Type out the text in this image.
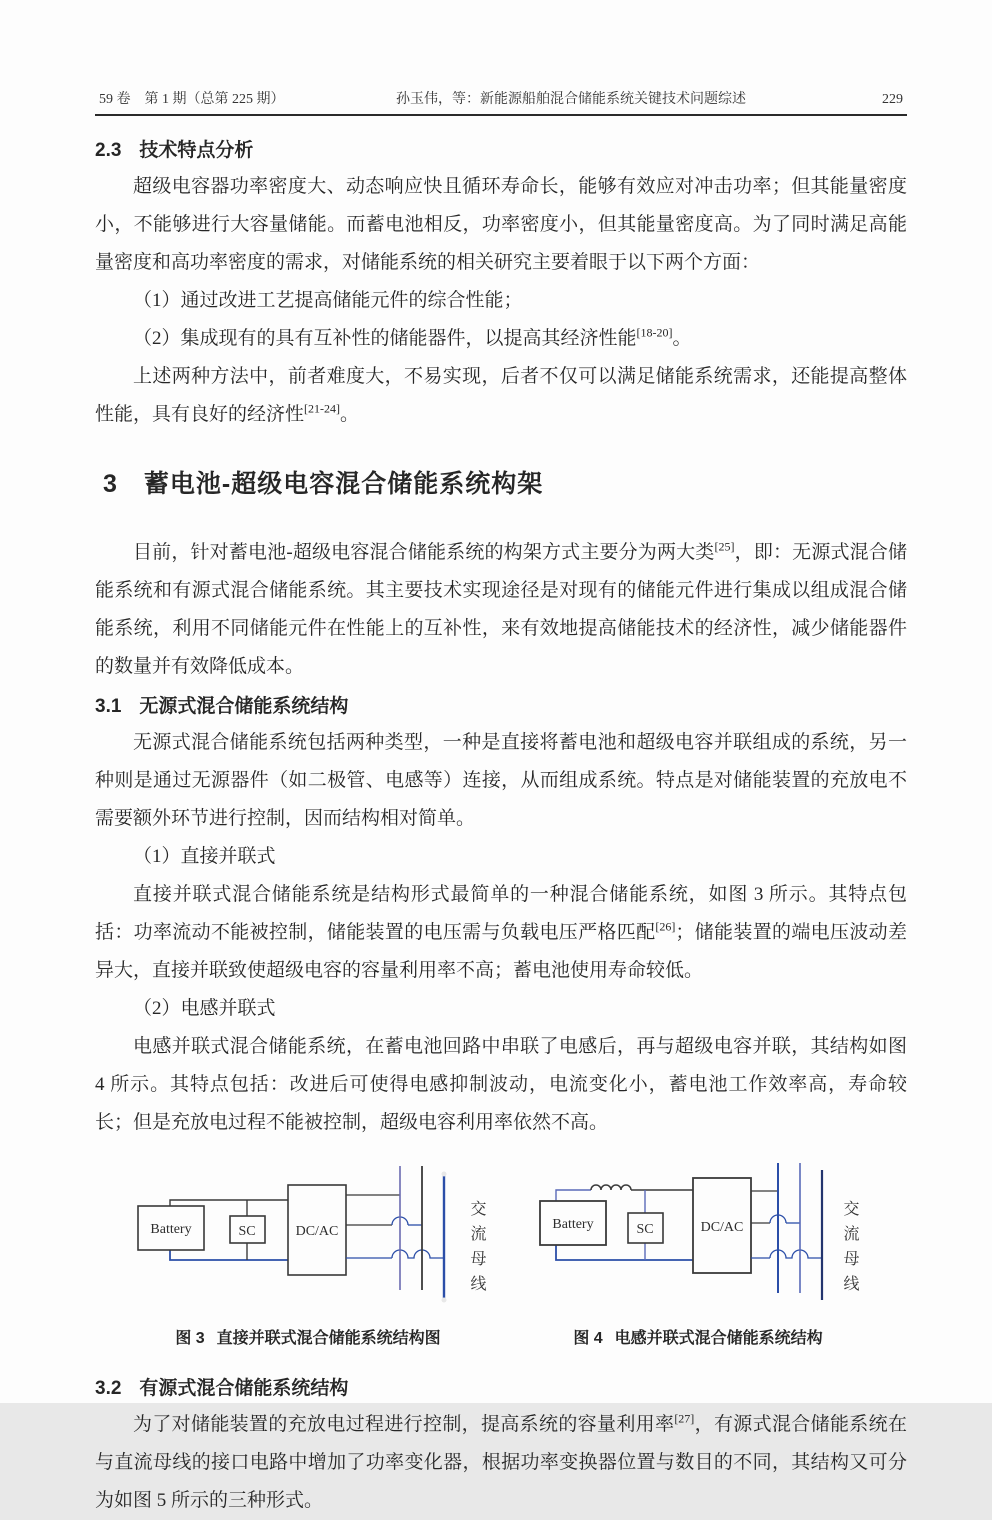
59 卷　第 1 期（总第 225 期）	孙玉伟，等：新能源船舶混合储能系统关键技术问题综述	229
2.3 技术特点分析

超级电容器功率密度大、动态响应快且循环寿命长，能够有效应对冲击功率；但其能量密度小，不能够进行大容量储能。而蓄电池相反，功率密度小，但其能量密度高。为了同时满足高能量密度和高功率密度的需求，对储能系统的相关研究主要着眼于以下两个方面：

（1）通过改进工艺提高储能元件的综合性能；

（2）集成现有的具有互补性的储能器件，以提高其经济性能[18-20]。

上述两种方法中，前者难度大，不易实现，后者不仅可以满足储能系统需求，还能提高整体性能，具有良好的经济性[21-24]。

3 蓄电池-超级电容混合储能系统构架

目前，针对蓄电池-超级电容混合储能系统的构架方式主要分为两大类[25]，即：无源式混合储能系统和有源式混合储能系统。其主要技术实现途径是对现有的储能元件进行集成以组成混合储能系统，利用不同储能元件在性能上的互补性，来有效地提高储能技术的经济性，减少储能器件的数量并有效降低成本。

3.1 无源式混合储能系统结构

无源式混合储能系统包括两种类型，一种是直接将蓄电池和超级电容并联组成的系统，另一种则是通过无源器件（如二极管、电感等）连接，从而组成系统。特点是对储能装置的充放电不需要额外环节进行控制，因而结构相对简单。

（1）直接并联式

直接并联式混合储能系统是结构形式最简单的一种混合储能系统，如图 3 所示。其特点包括：功率流动不能被控制，储能装置的电压需与负载电压严格匹配[26]；储能装置的端电压波动差异大，直接并联致使超级电容的容量利用率不高；蓄电池使用寿命较低。

（2）电感并联式

电感并联式混合储能系统，在蓄电池回路中串联了电感后，再与超级电容并联，其结构如图 4 所示。其特点包括：改进后可使得电感抑制波动，电流变化小，蓄电池工作效率高，寿命较长；但是充放电过程不能被控制，超级电容利用率依然不高。

Battery	SC	DC/AC	交流母线
图 3 直接并联式混合储能系统结构图
Battery	SC	DC/AC	交流母线
图 4 电感并联式混合储能系统结构
3.2 有源式混合储能系统结构

为了对储能装置的充放电过程进行控制，提高系统的容量利用率[27]，有源式混合储能系统在与直流母线的接口电路中增加了功率变化器，根据功率变换器位置与数目的不同，其结构又可分为如图 5 所示的三种形式。
